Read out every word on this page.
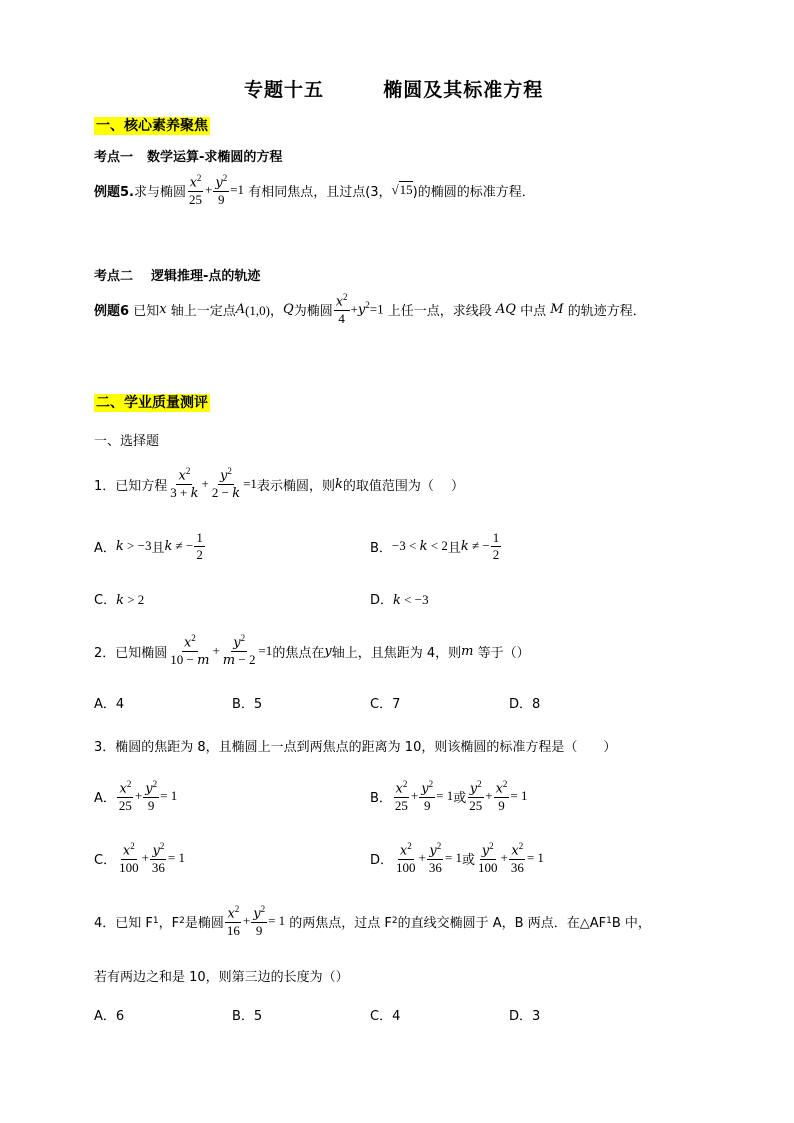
专题十五	椭圆及其标准方程
一、核心素养聚焦
考点一 数学运算-求椭圆的方程
例题5. 求与椭圆 $\frac{x^2}{25} + \frac{y^2}{9} =1$
有相同焦点，且过点(3， √15 )的椭圆的标准方程．
考点二 逻辑推理-点的轨迹
例题6
已知 x
轴上一定点 A (1,0)， Q 为椭圆 $\frac{x^2}{4} +y^2=1$
上任一点，求线段
AQ
中点
M
的轨迹方程．
二、学业质量测评
一、选择题
1．已知方程 $\frac{x^2}{3 + k} + \frac{y^2}{2 - k} =1$ 表示椭圆，则 k 的取值范围为（　 ）
A． k > −3 且 k ≠ − $\frac{1}{2}$	B． −3 < k < 2 且 k ≠ − $\frac{1}{2}$
C．k > 2	D．k < −3
2．已知椭圆 $\frac{x^2}{10 - m} + \frac{y^2}{m - 2} =1$ 的焦点在 y 轴上，且焦距为 4，则 m
等于（）
A．4	B．5	C．7	D．8
3．椭圆的焦距为 8，且椭圆上一点到两焦点的距离为 10，则该椭圆的标准方程是（　　）
A． $\frac{x^2}{25} + \frac{y^2}{9} = 1$	B． $\frac{x^2}{25} + \frac{y^2}{9} = 1$ 或 $\frac{y^2}{25} + \frac{x^2}{9} = 1$
C． $\frac{x^2}{100} + \frac{y^2}{36} = 1$	D． $\frac{x^2}{100} + \frac{y^2}{36} = 1$ 或 $\frac{y^2}{100} + \frac{x^2}{36} = 1$
4．已知 F 1 ，F 2 是椭圆 $\frac{x^2}{16} + \frac{y^2}{9} = 1$
的两焦点，过点 F 2 的直线交椭圆于 A，B 两点．在△AF 1 B 中，
若有两边之和是 10，则第三边的长度为（）
A．6	B．5	C．4	D．3
